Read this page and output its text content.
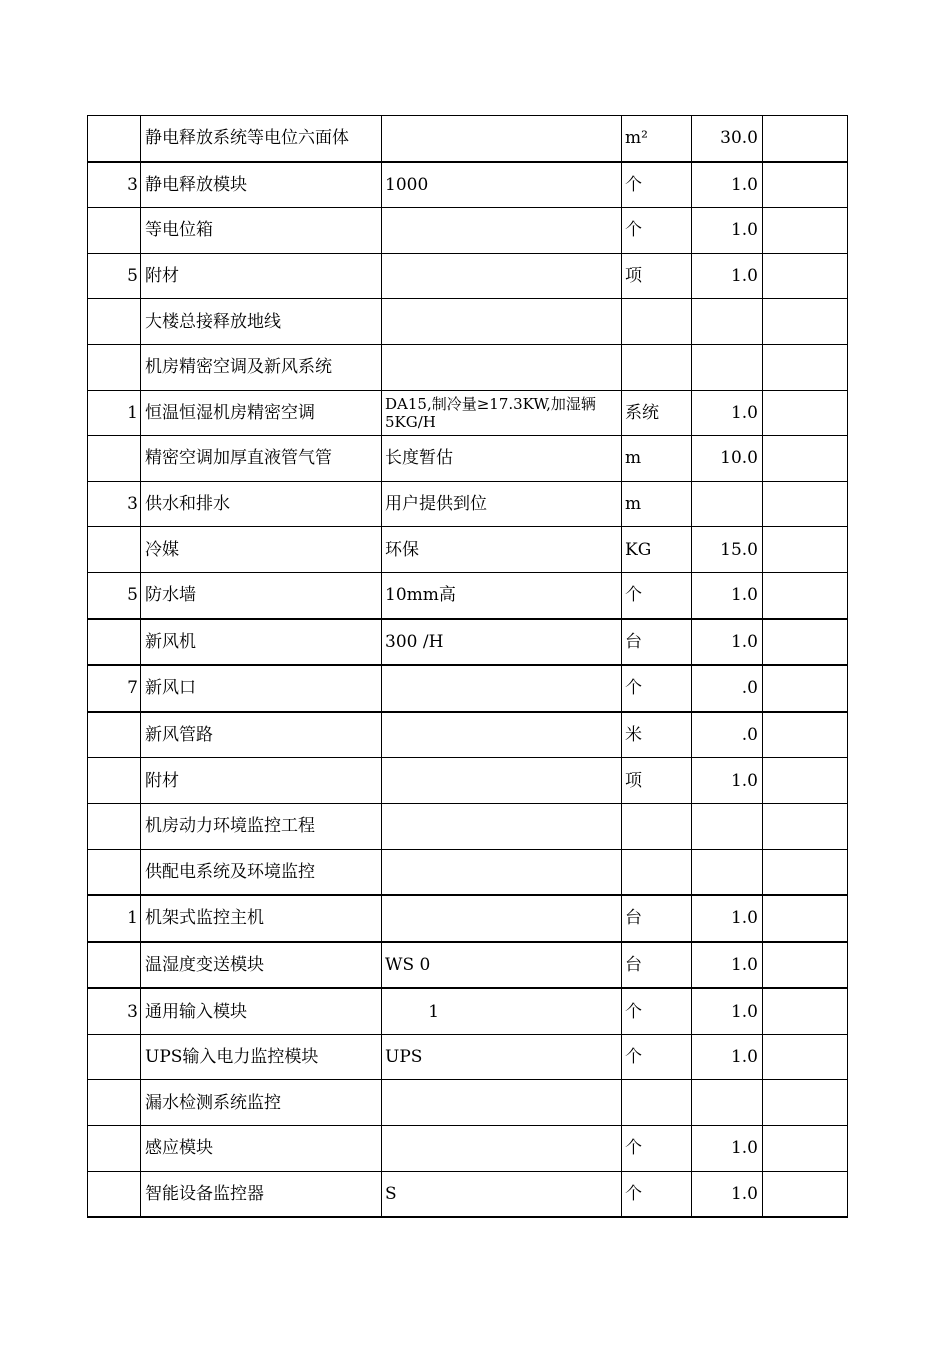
	静电释放系统等电位六面体		m²	30.0	
3	静电释放模块	1000	个	1.0	
	等电位箱		个	1.0	
5	附材		项	1.0	
	大楼总接释放地线				
	机房精密空调及新风系统				
1	恒温恒湿机房精密空调	DA15,制冷量≥17.3KW,加湿辆5KG/H	系统	1.0	
	精密空调加厚直液管气管	长度暂估	m	10.0	
3	供水和排水	用户提供到位	m		
	冷媒	环保	KG	15.0	
5	防水墙	10mm高	个	1.0	
	新风机	300 /H	台	1.0	
7	新风口		个	.0	
	新风管路		米	.0	
	附材		项	1.0	
	机房动力环境监控工程				
	供配电系统及环境监控				
1	机架式监控主机		台	1.0	
	温湿度变送模块	WS 0	台	1.0	
3	通用输入模块	1	个	1.0	
	UPS输入电力监控模块	UPS	个	1.0	
	漏水检测系统监控				
	感应模块		个	1.0	
	智能设备监控器	S	个	1.0	
